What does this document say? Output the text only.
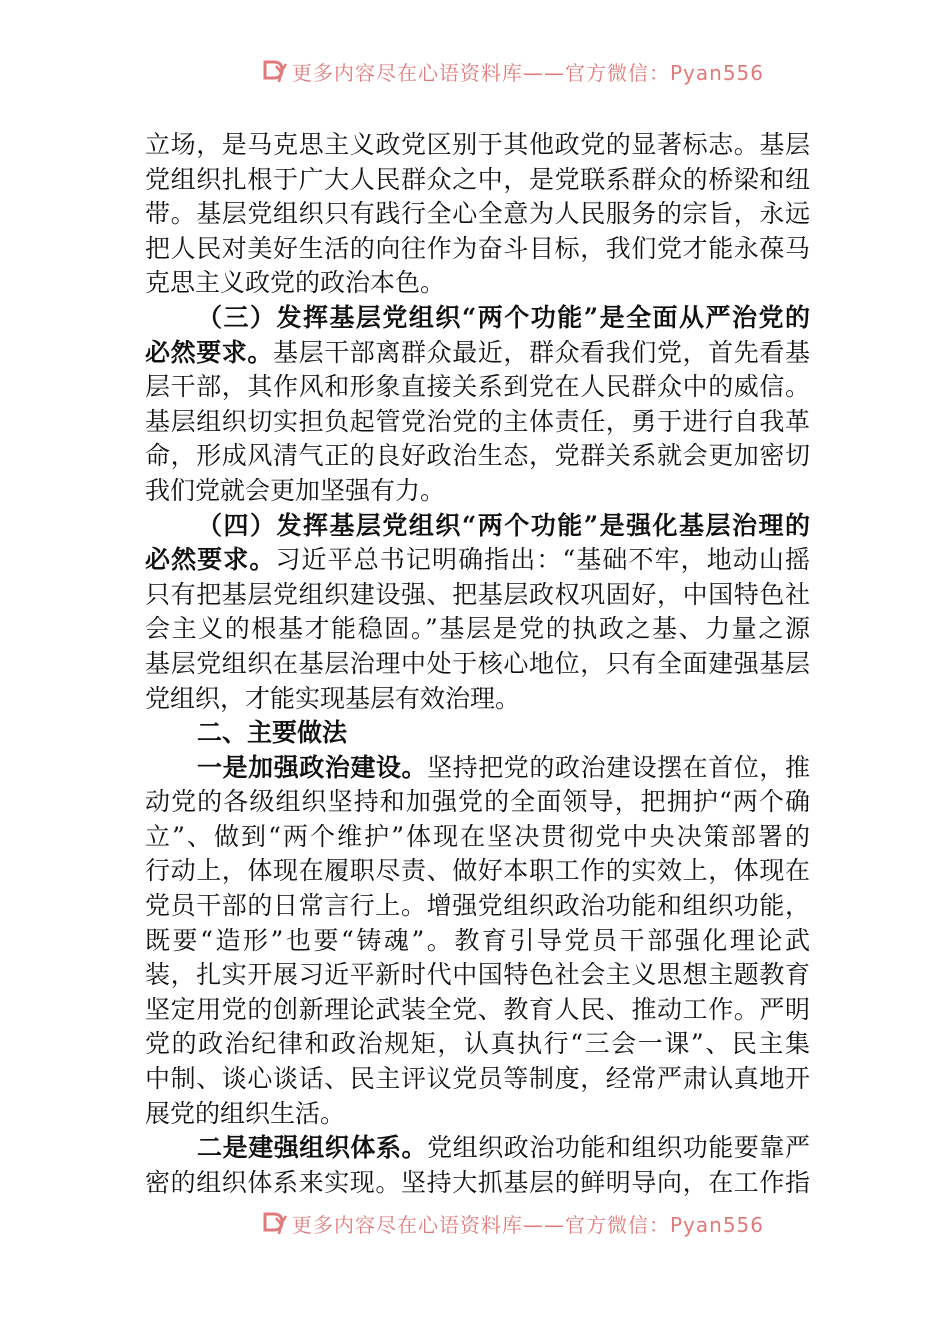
更多内容尽在心语资料库——官方微信：Pyan556
立场，是马克思主义政党区别于其他政党的显著标志。基层
党组织扎根于广大人民群众之中，是党联系群众的桥梁和纽
带。基层党组织只有践行全心全意为人民服务的宗旨，永远
把人民对美好生活的向往作为奋斗目标，我们党才能永葆马
克思主义政党的政治本色。
（三）发挥基层党组织“两个功能”是全面从严治党的
必然要求。基层干部离群众最近，群众看我们党，首先看基
层干部，其作风和形象直接关系到党在人民群众中的威信。
基层组织切实担负起管党治党的主体责任，勇于进行自我革
命，形成风清气正的良好政治生态，党群关系就会更加密切
我们党就会更加坚强有力。
（四）发挥基层党组织“两个功能”是强化基层治理的
必然要求。习近平总书记明确指出：“基础不牢，地动山摇
只有把基层党组织建设强、把基层政权巩固好，中国特色社
会主义的根基才能稳固。”基层是党的执政之基、力量之源
基层党组织在基层治理中处于核心地位，只有全面建强基层
党组织，才能实现基层有效治理。
二、主要做法
一是加强政治建设。坚持把党的政治建设摆在首位，推
动党的各级组织坚持和加强党的全面领导，把拥护“两个确
立”、做到“两个维护”体现在坚决贯彻党中央决策部署的
行动上，体现在履职尽责、做好本职工作的实效上，体现在
党员干部的日常言行上。增强党组织政治功能和组织功能，
既要“造形”也要“铸魂”。教育引导党员干部强化理论武
装，扎实开展习近平新时代中国特色社会主义思想主题教育
坚定用党的创新理论武装全党、教育人民、推动工作。严明
党的政治纪律和政治规矩，认真执行“三会一课”、民主集
中制、谈心谈话、民主评议党员等制度，经常严肃认真地开
展党的组织生活。
二是建强组织体系。党组织政治功能和组织功能要靠严
密的组织体系来实现。坚持大抓基层的鲜明导向，在工作指
更多内容尽在心语资料库——官方微信：Pyan556
